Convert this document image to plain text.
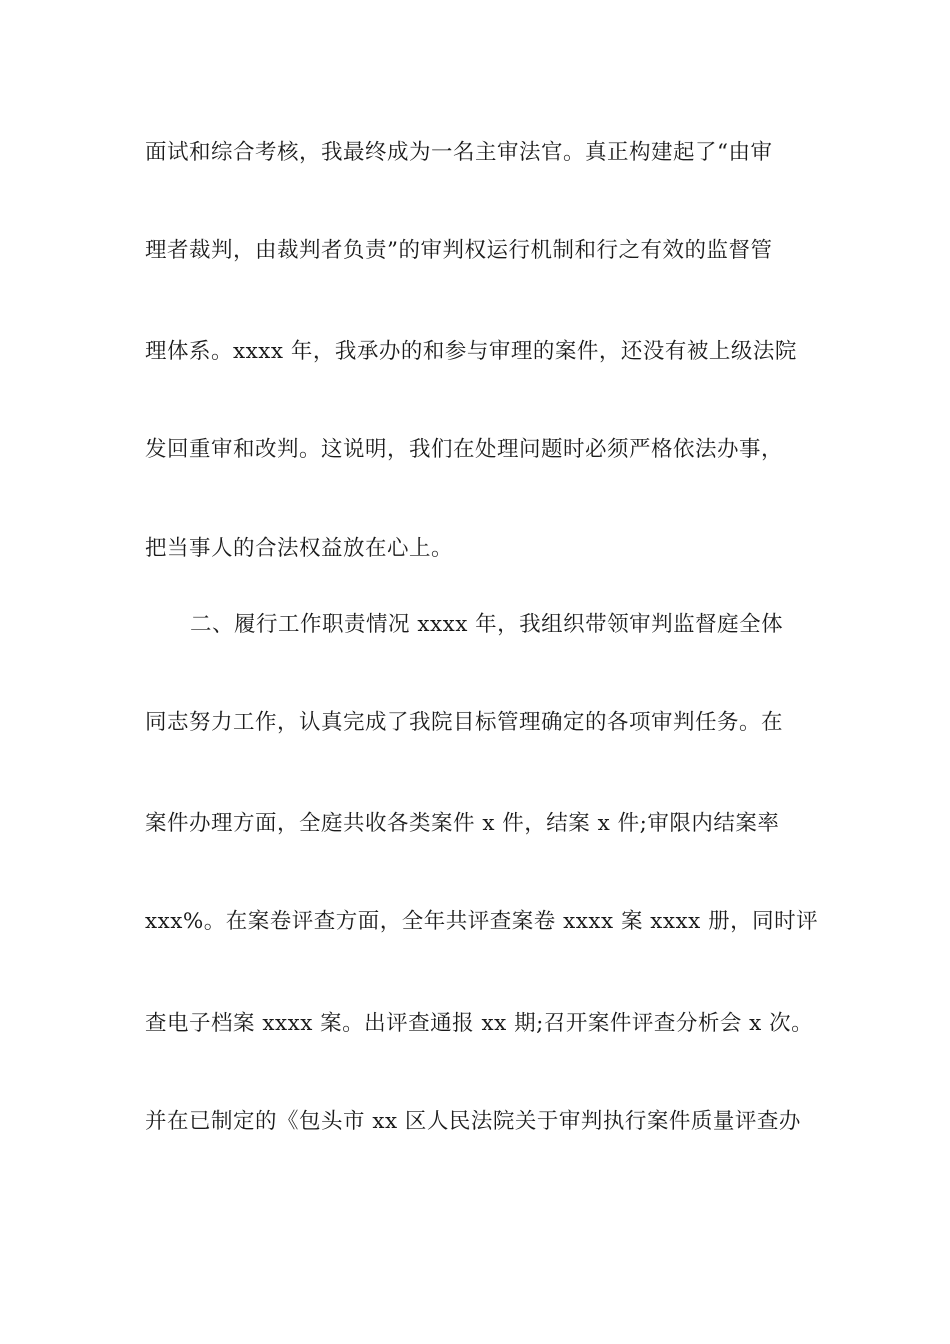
面试和综合考核，我最终成为一名主审法官。真正构建起了“由审
理者裁判，由裁判者负责”的审判权运行机制和行之有效的监督管
理体系。xxxx 年，我承办的和参与审理的案件，还没有被上级法院
发回重审和改判。这说明，我们在处理问题时必须严格依法办事，
把当事人的合法权益放在心上。
二、履行工作职责情况 xxxx 年，我组织带领审判监督庭全体
同志努力工作，认真完成了我院目标管理确定的各项审判任务。在
案件办理方面，全庭共收各类案件 x 件，结案 x 件;审限内结案率
xxx%。在案卷评查方面，全年共评查案卷 xxxx 案 xxxx 册，同时评
查电子档案 xxxx 案。出评查通报 xx 期;召开案件评查分析会 x 次。
并在已制定的《包头市 xx 区人民法院关于审判执行案件质量评查办
